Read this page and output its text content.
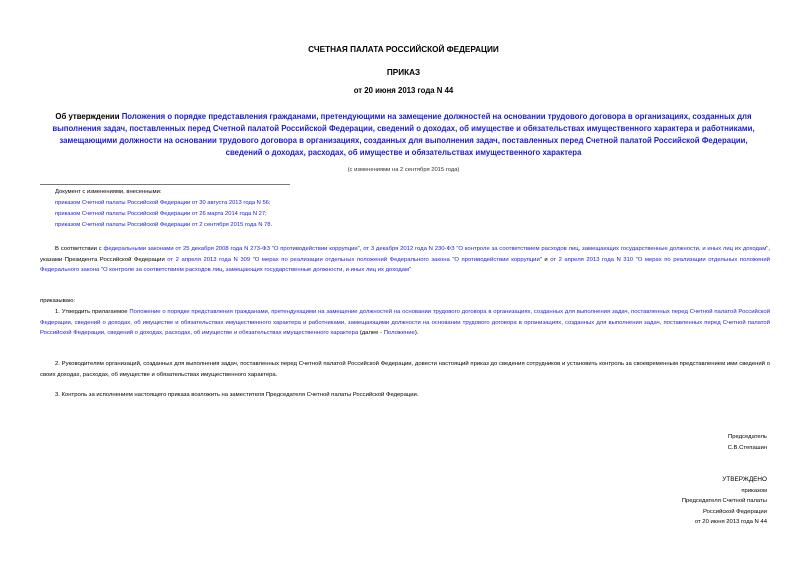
СЧЕТНАЯ ПАЛАТА РОССИЙСКОЙ ФЕДЕРАЦИИ
ПРИКАЗ
от 20 июня 2013 года N 44
Об утверждении Положения о порядке представления гражданами, претендующими на замещение должностей на основании трудового договора в организациях, созданных для выполнения задач, поставленных перед Счетной палатой Российской Федерации, сведений о доходах, об имуществе и обязательствах имущественного характера и работниками, замещающими должности на основании трудового договора в организациях, созданных для выполнения задач, поставленных перед Счетной палатой Российской Федерации, сведений о доходах, расходах, об имуществе и обязательствах имущественного характера
(с изменениями на 2 сентября 2015 года)
Документ с изменениями, внесенными:
приказом Счетной палаты Российской Федерации от 30 августа 2013 года N 56;
приказом Счетной палаты Российской Федерации от 26 марта 2014 года N 27;
приказом Счетной палаты Российской Федерации от 2 сентября 2015 года N 78.
В соответствии с федеральными законами от 25 декабря 2008 года N 273-ФЗ "О противодействии коррупции", от 3 декабря 2012 года N 230-ФЗ "О контроле за соответствием расходов лиц, замещающих государственные должности, и иных лиц их доходам", указами Президента Российской Федерации от 2 апреля 2013 года N 309 "О мерах по реализации отдельных положений Федерального закона "О противодействии коррупции" и от 2 апреля 2013 года N 310 "О мерах по реализации отдельных положений Федерального закона "О контроле за соответствием расходов лиц, замещающих государственные должности, и иных лиц их доходам"
приказываю:
1. Утвердить прилагаемое Положение о порядке представления гражданами, претендующими на замещение должностей на основании трудового договора в организациях, созданных для выполнения задач, поставленных перед Счетной палатой Российской Федерации, сведений о доходах, об имуществе и обязательствах имущественного характера и работниками, замещающими должности на основании трудового договора в организациях, созданных для выполнения задач, поставленных перед Счетной палатой Российской Федерации, сведений о доходах, расходах, об имуществе и обязательствах имущественного характера (далее - Положение).
2. Руководителям организаций, созданных для выполнения задач, поставленных перед Счетной палатой Российской Федерации, довести настоящий приказ до сведения сотрудников и установить контроль за своевременным представлением ими сведений о своих доходах, расходах, об имуществе и обязательствах имущественного характера.
3. Контроль за исполнением настоящего приказа возложить на заместителя Председателя Счетной палаты Российской Федерации.
Председатель
С.В.Степашин
УТВЕРЖДЕНО
приказом
Председателя Счетной палаты
Российской Федерации
от 20 июня 2013 года N 44
